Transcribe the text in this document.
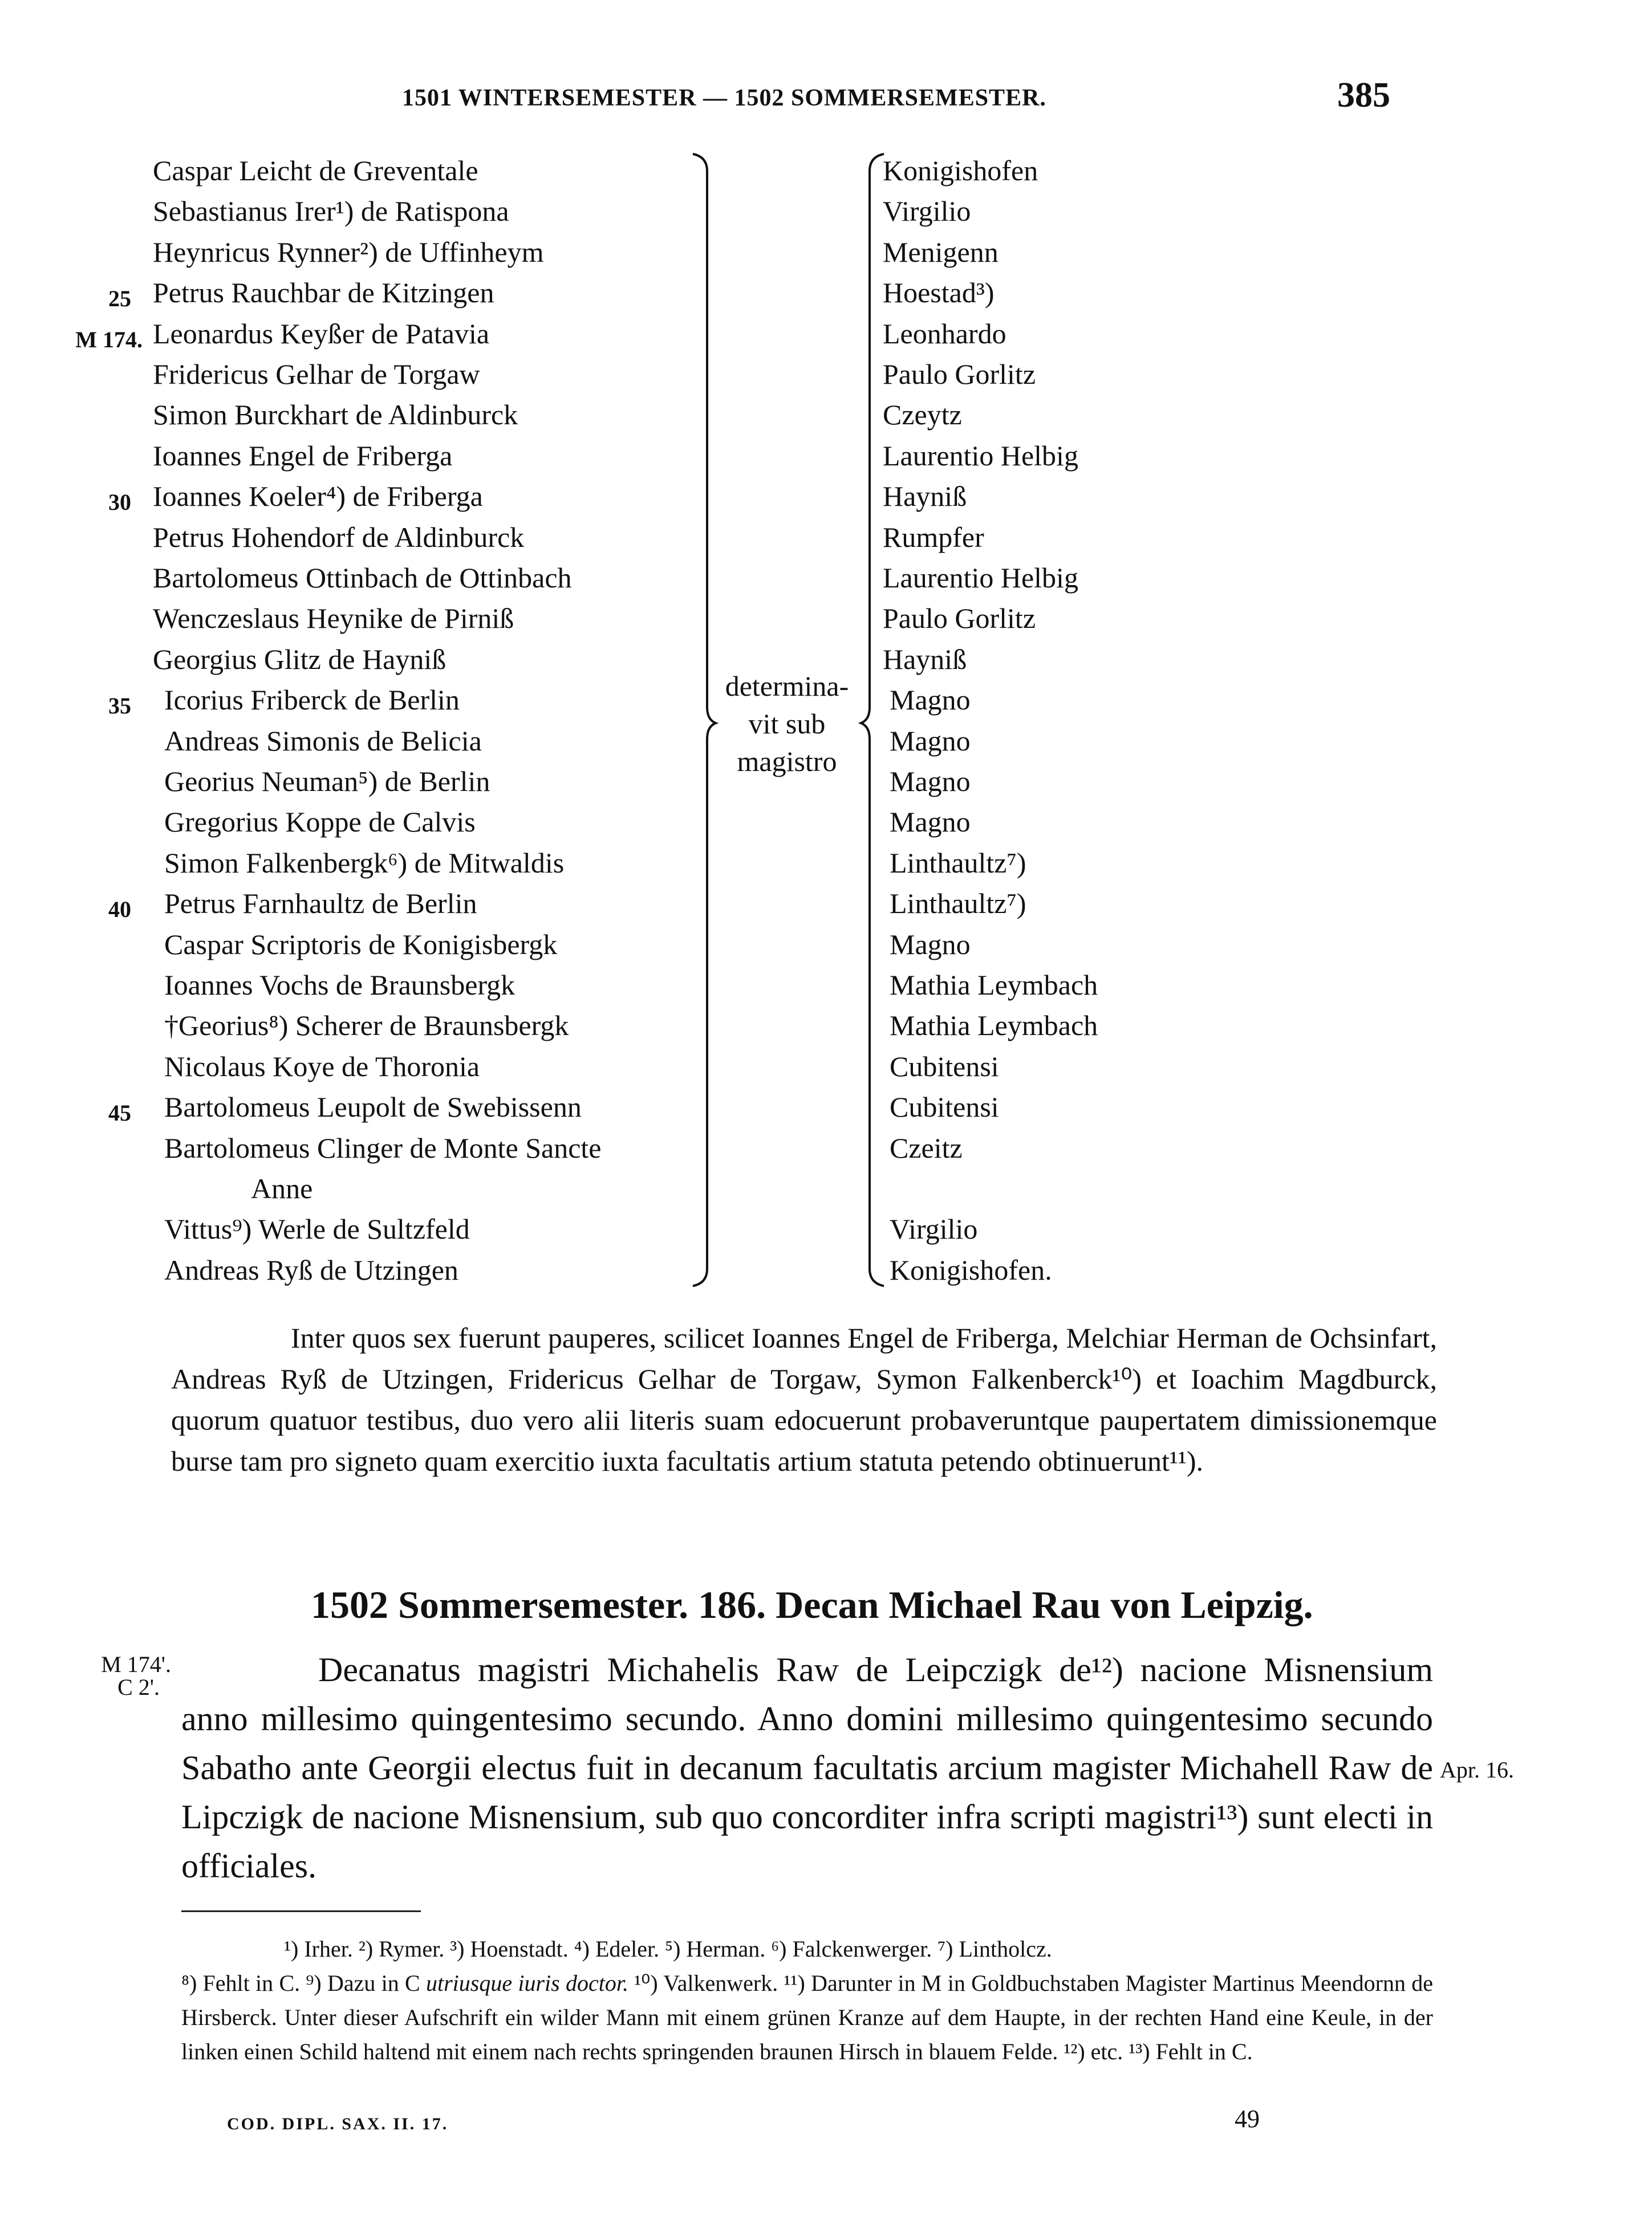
1501 WINTERSEMESTER — 1502 SOMMERSEMESTER.	385
Caspar Leicht de Greventale	Konigishofen
Sebastianus Irer¹) de Ratispona	Virgilio
Heynricus Rynner²) de Uffinheym	Menigenn
25 Petrus Rauchbar de Kitzingen	Hoestad³)
M 174. Leonardus Keyßer de Patavia	Leonhardo
Fridericus Gelhar de Torgaw	Paulo Gorlitz
Simon Burckhart de Aldinburck	Czeytz
Ioannes Engel de Friberga	Laurentio Helbig
30 Ioannes Koeler⁴) de Friberga	Hayniß
Petrus Hohendorf de Aldinburck	Rumpfer
Bartolomeus Ottinbach de Ottinbach	Laurentio Helbig
Wenczeslaus Heynike de Pirniß	Paulo Gorlitz
Georgius Glitz de Hayniß	Hayniß
35 Icorius Friberck de Berlin	Magno
Andreas Simonis de Belicia	Magno
Georius Neuman⁵) de Berlin	Magno
Gregorius Koppe de Calvis	Magno
Simon Falkenbergk⁶) de Mitwaldis	Linthaultz⁷)
40 Petrus Farnhaultz de Berlin	Linthaultz⁷)
Caspar Scriptoris de Konigisbergk	Magno
Ioannes Vochs de Braunsbergk	Mathia Leymbach
†Georius⁸) Scherer de Braunsbergk	Mathia Leymbach
Nicolaus Koye de Thoronia	Cubitensi
45 Bartolomeus Leupolt de Swebissenn	Cubitensi
Bartolomeus Clinger de Monte Sancte	Czeitz
Anne
Vittus⁹) Werle de Sultzfeld	Virgilio
Andreas Ryß de Utzingen	Konigishofen.
determina-
vit sub
magistro
Inter quos sex fuerunt pauperes, scilicet Ioannes Engel de Friberga, Melchiar Herman de Ochsinfart, Andreas Ryß de Utzingen, Fridericus Gelhar de Torgaw, Symon Falkenberck¹⁰) et Ioachim Magdburck, quorum quatuor testibus, duo vero alii literis suam edocuerunt probaveruntque paupertatem dimissionemque burse tam pro signeto quam exercitio iuxta facultatis artium statuta petendo obtinuerunt¹¹).
1502 Sommersemester. 186. Decan Michael Rau von Leipzig.
M 174'.
C 2'.
Apr. 16.
Decanatus magistri Michahelis Raw de Leipczigk de¹²) nacione Misnensium anno millesimo quingentesimo secundo. Anno domini millesimo quingentesimo secundo Sabatho ante Georgii electus fuit in decanum facultatis arcium magister Michahell Raw de Lipczigk de nacione Misnensium, sub quo concorditer infra scripti magistri¹³) sunt electi in officiales.
¹) Irher. ²) Rymer. ³) Hoenstadt. ⁴) Edeler. ⁵) Herman. ⁶) Falckenwerger. ⁷) Lintholcz.
⁸) Fehlt in C. ⁹) Dazu in C utriusque iuris doctor. ¹⁰) Valkenwerk. ¹¹) Darunter in M in Goldbuchstaben Magister Martinus Meendornn de Hirsberck. Unter dieser Aufschrift ein wilder Mann mit einem grünen Kranze auf dem Haupte, in der rechten Hand eine Keule, in der linken einen Schild haltend mit einem nach rechts springenden braunen Hirsch in blauem Felde. ¹²) etc. ¹³) Fehlt in C.
COD. DIPL. SAX. II. 17.	49
